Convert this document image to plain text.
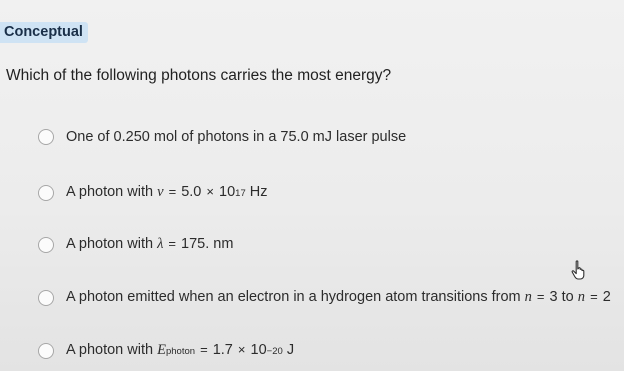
Conceptual
Which of the following photons carries the most energy?
One of 0.250 mol of photons in a 75.0 mJ laser pulse
A photon with
v
=
5.0
×
10 17
Hz
A photon with
λ
=
175. nm
A photon emitted when an electron in a hydrogen atom transitions from
n
=
3
to
n
=
2
A photon with
E photon
=
1.7
×
10 −20
J
